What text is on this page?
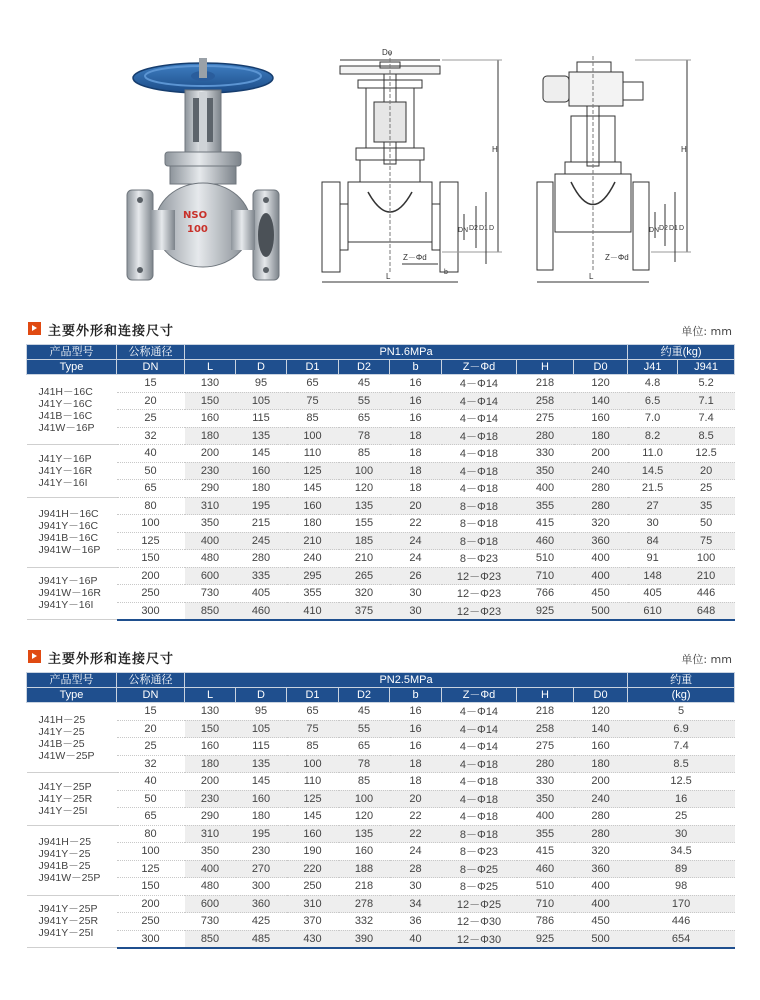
NSO
100
Do
H
DN D2 D1 D
Z－Φd
b
L
H
DN D2 D1 D
Z－Φd
L
主要外形和连接尺寸	单位: mm
产品型号	公称通径	PN1.6MPa								约重(kg)	
Type	DN	L	D	D1	D2	b	Z－Φd	H	D0	J41	J941

J41H－16C
J41Y－16C
J41B－16C
J41W－16P	15	130	95	65	45	16	4－Φ14	218	120	4.8	5.2
	20	150	105	75	55	16	4－Φ14	258	140	6.5	7.1
	25	160	115	85	65	16	4－Φ14	275	160	7.0	7.4
	32	180	135	100	78	18	4－Φ18	280	180	8.2	8.5

J41Y－16P
J41Y－16R
J41Y－16I	40	200	145	110	85	18	4－Φ18	330	200	11.0	12.5
	50	230	160	125	100	18	4－Φ18	350	240	14.5	20
	65	290	180	145	120	18	4－Φ18	400	280	21.5	25

J941H－16C
J941Y－16C
J941B－16C
J941W－16P	80	310	195	160	135	20	8－Φ18	355	280	27	35
	100	350	215	180	155	22	8－Φ18	415	320	30	50
	125	400	245	210	185	24	8－Φ18	460	360	84	75
	150	480	280	240	210	24	8－Φ23	510	400	91	100

J941Y－16P
J941W－16R
J941Y－16I	200	600	335	295	265	26	12－Φ23	710	400	148	210
	250	730	405	355	320	30	12－Φ23	766	450	405	446
	300	850	460	410	375	30	12－Φ23	925	500	610	648
主要外形和连接尺寸	单位: mm
产品型号	公称通径	PN2.5MPa								约重
Type	DN	L	D	D1	D2	b	Z－Φd	H	D0	(kg)

J41H－25
J41Y－25
J41B－25
J41W－25P	15	130	95	65	45	16	4－Φ14	218	120	5
	20	150	105	75	55	16	4－Φ14	258	140	6.9
	25	160	115	85	65	16	4－Φ14	275	160	7.4
	32	180	135	100	78	18	4－Φ18	280	180	8.5

J41Y－25P
J41Y－25R
J41Y－25I	40	200	145	110	85	18	4－Φ18	330	200	12.5
	50	230	160	125	100	20	4－Φ18	350	240	16
	65	290	180	145	120	22	4－Φ18	400	280	25

J941H－25
J941Y－25
J941B－25
J941W－25P	80	310	195	160	135	22	8－Φ18	355	280	30
	100	350	230	190	160	24	8－Φ23	415	320	34.5
	125	400	270	220	188	28	8－Φ25	460	360	89
	150	480	300	250	218	30	8－Φ25	510	400	98

J941Y－25P
J941Y－25R
J941Y－25I	200	600	360	310	278	34	12－Φ25	710	400	170
	250	730	425	370	332	36	12－Φ30	786	450	446
	300	850	485	430	390	40	12－Φ30	925	500	654
